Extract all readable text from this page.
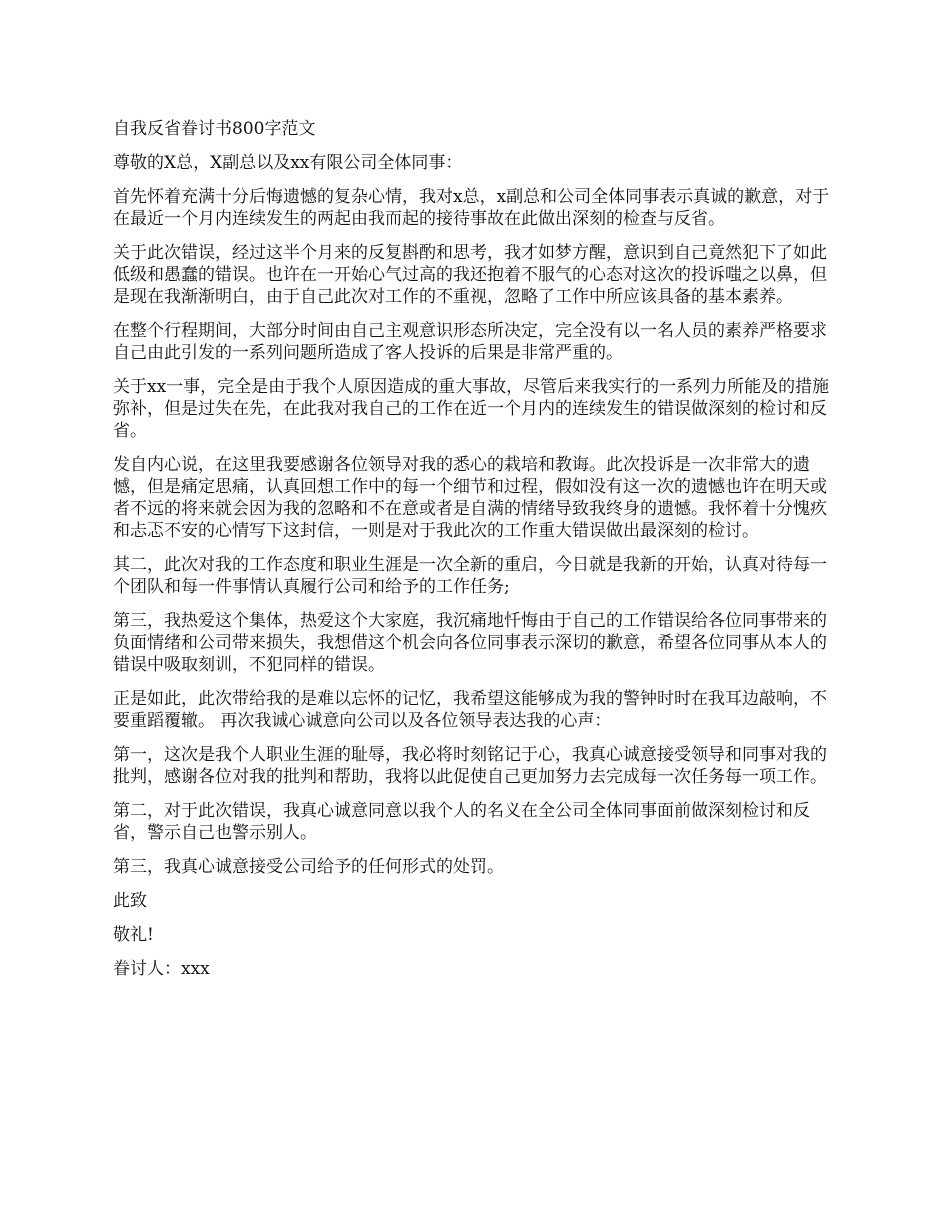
自我反省眷讨书800字范文

尊敬的X总，X副总以及xx有限公司全体同事：

首先怀着充满十分后悔遗憾的复杂心情，我对x总，x副总和公司全体同事表示真诚的歉意，对于在最近一个月内连续发生的两起由我而起的接待事故在此做出深刻的检查与反省。

关于此次错误，经过这半个月来的反复斟酌和思考，我才如梦方醒，意识到自己竟然犯下了如此低级和愚蠢的错误。也许在一开始心气过高的我还抱着不服气的心态对这次的投诉嗤之以鼻，但是现在我渐渐明白，由于自己此次对工作的不重视，忽略了工作中所应该具备的基本素养。

在整个行程期间，大部分时间由自己主观意识形态所决定，完全没有以一名人员的素养严格要求自己由此引发的一系列问题所造成了客人投诉的后果是非常严重的。

关于xx一事，完全是由于我个人原因造成的重大事故，尽管后来我实行的一系列力所能及的措施弥补，但是过失在先，在此我对我自己的工作在近一个月内的连续发生的错误做深刻的检讨和反省。

发自内心说，在这里我要感谢各位领导对我的悉心的栽培和教诲。此次投诉是一次非常大的遗憾，但是痛定思痛，认真回想工作中的每一个细节和过程，假如没有这一次的遗憾也许在明天或者不远的将来就会因为我的忽略和不在意或者是自满的情绪导致我终身的遗憾。我怀着十分愧疚和忐忑不安的心情写下这封信，一则是对于我此次的工作重大错误做出最深刻的检讨。

其二，此次对我的工作态度和职业生涯是一次全新的重启，今日就是我新的开始，认真对待每一个团队和每一件事情认真履行公司和给予的工作任务;

第三，我热爱这个集体，热爱这个大家庭，我沉痛地忏悔由于自己的工作错误给各位同事带来的负面情绪和公司带来损失，我想借这个机会向各位同事表示深切的歉意，希望各位同事从本人的错误中吸取刻训，不犯同样的错误。

正是如此，此次带给我的是难以忘怀的记忆，我希望这能够成为我的警钟时时在我耳边敲响，不要重蹈覆辙。 再次我诚心诚意向公司以及各位领导表达我的心声：

第一，这次是我个人职业生涯的耻辱，我必将时刻铭记于心，我真心诚意接受领导和同事对我的批判，感谢各位对我的批判和帮助，我将以此促使自己更加努力去完成每一次任务每一项工作。

第二，对于此次错误，我真心诚意同意以我个人的名义在全公司全体同事面前做深刻检讨和反省，警示自己也警示别人。

第三，我真心诚意接受公司给予的任何形式的处罚。

此致

敬礼!

眷讨人：xxx
